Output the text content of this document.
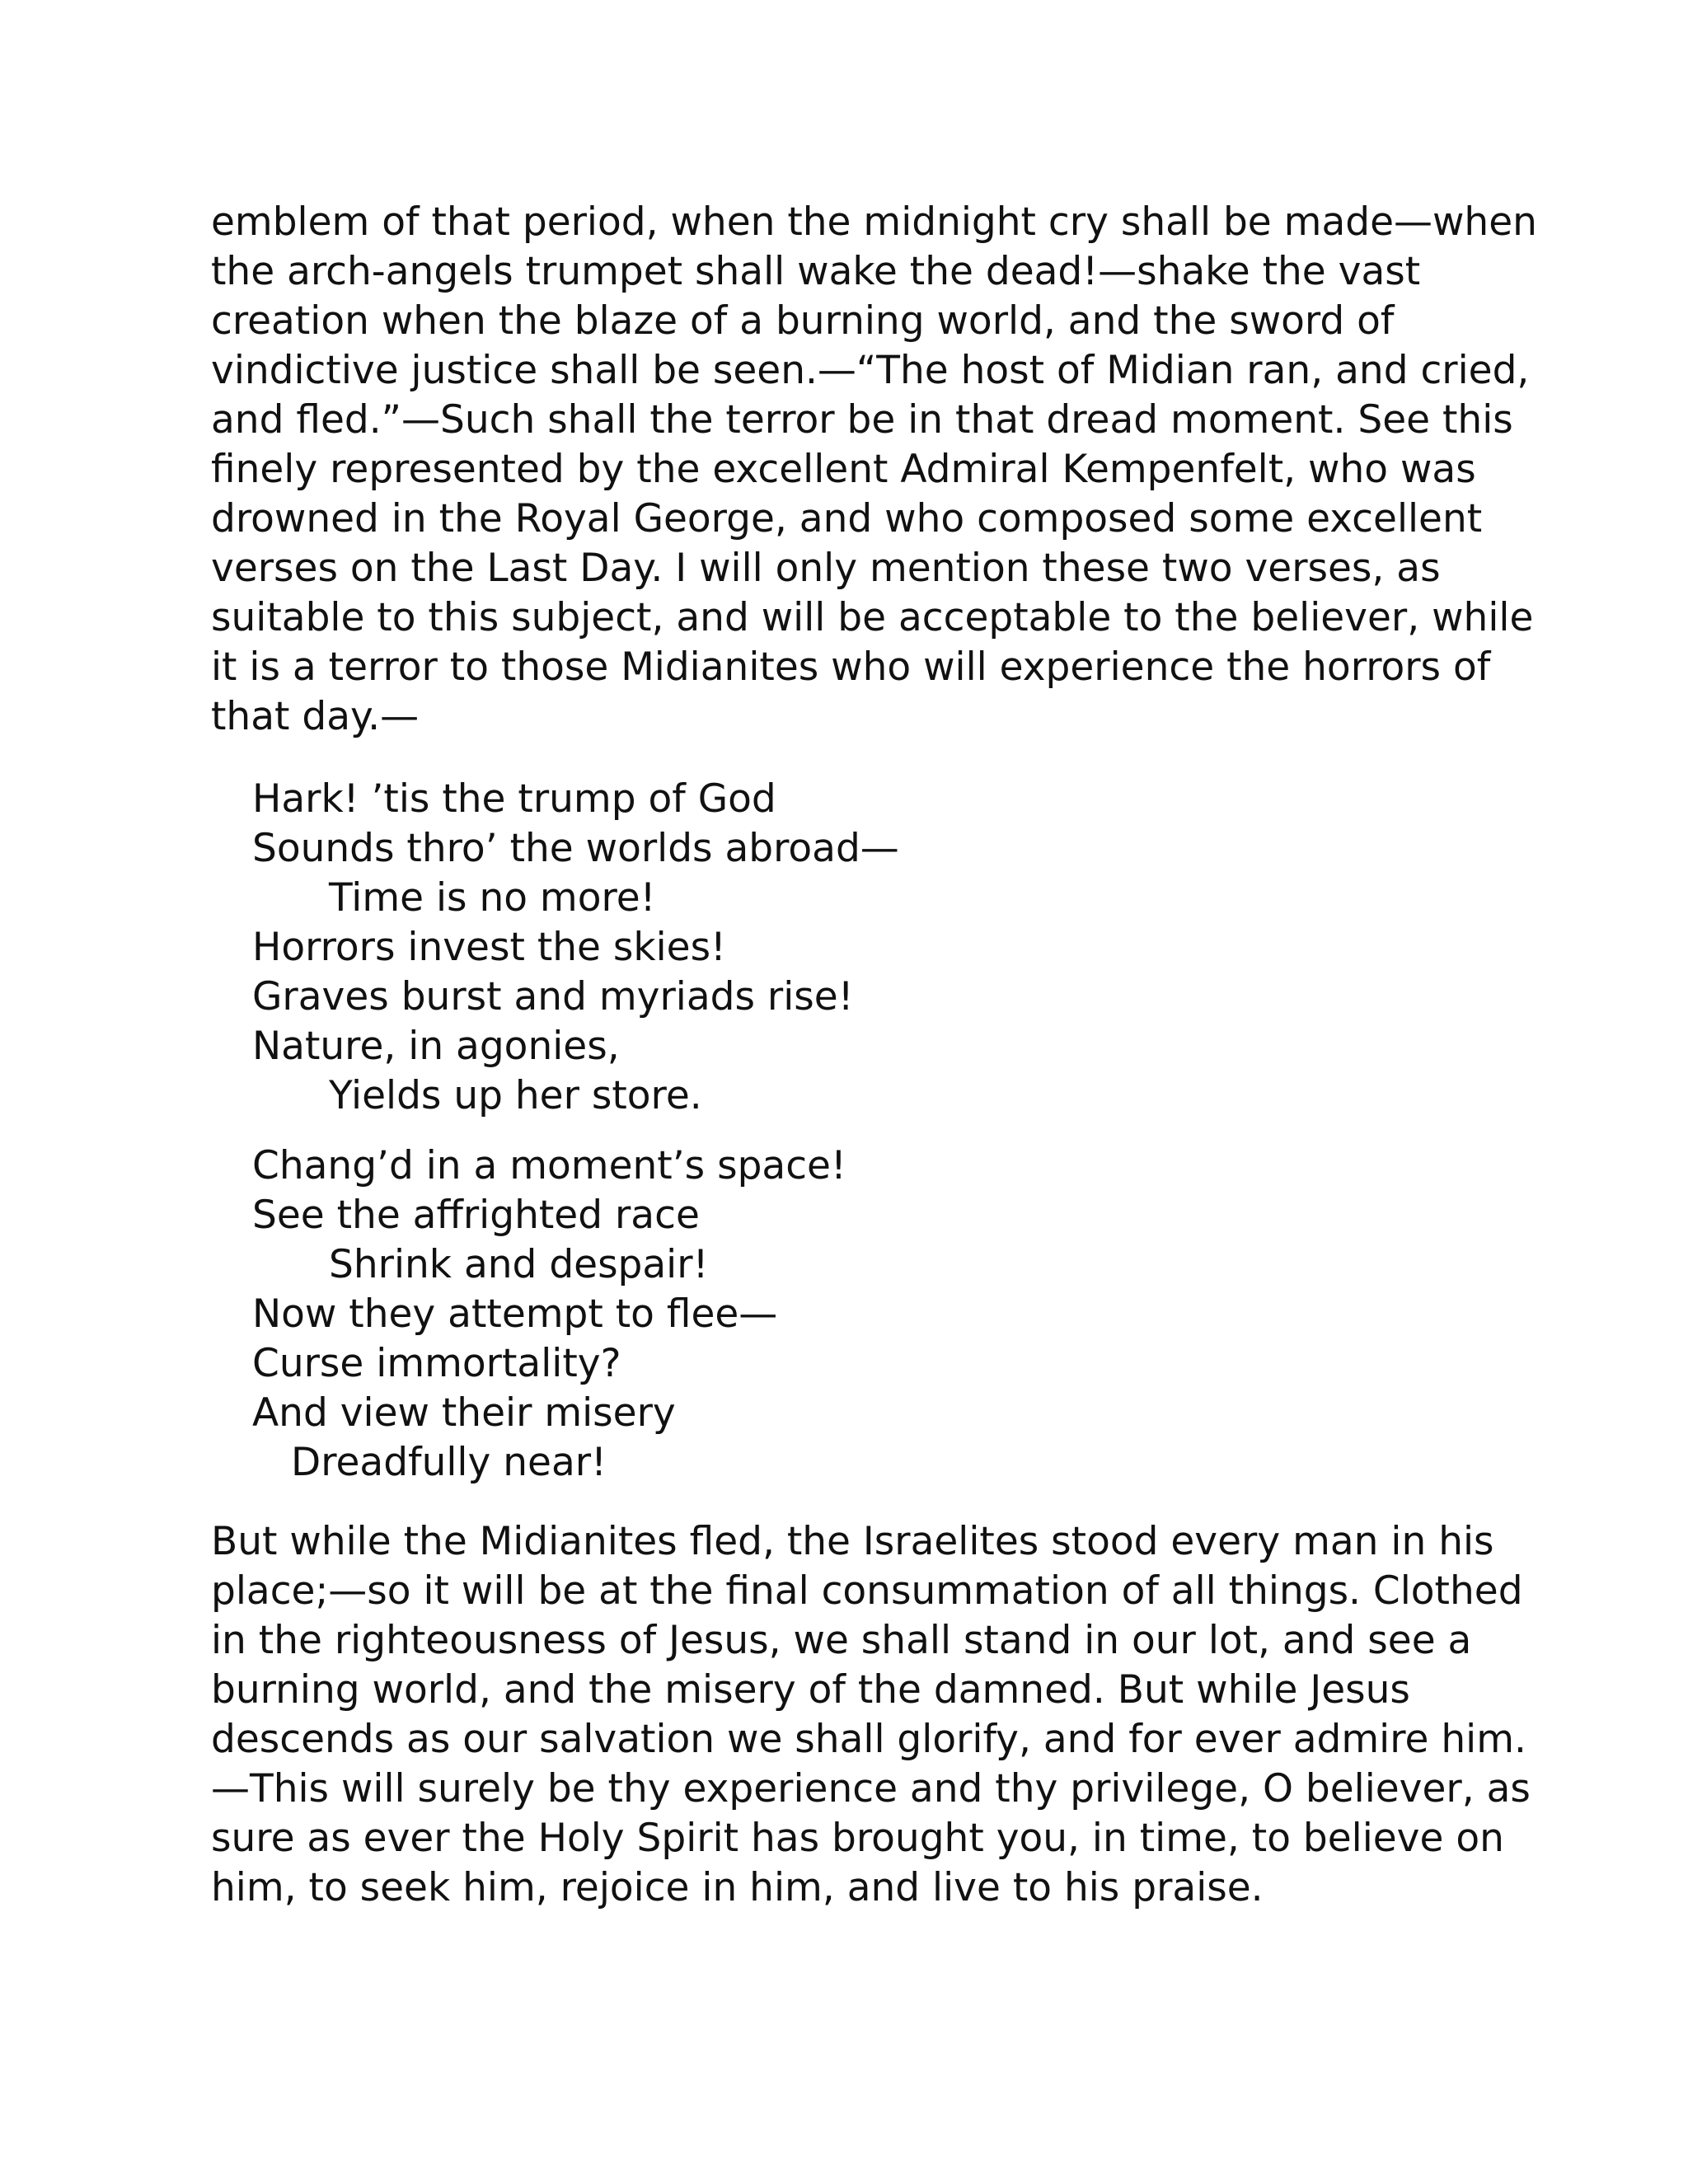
emblem of that period, when the midnight cry shall be made—when
the arch-angels trumpet shall wake the dead!—shake the vast
creation when the blaze of a burning world, and the sword of
vindictive justice shall be seen.—“The host of Midian ran, and cried,
and fled.”—Such shall the terror be in that dread moment. See this
finely represented by the excellent Admiral Kempenfelt, who was
drowned in the Royal George, and who composed some excellent
verses on the Last Day. I will only mention these two verses, as
suitable to this subject, and will be acceptable to the believer, while
it is a terror to those Midianites who will experience the horrors of
that day.—
Hark! ’tis the trump of God
Sounds thro’ the worlds abroad—
Time is no more!
Horrors invest the skies!
Graves burst and myriads rise!
Nature, in agonies,
Yields up her store.
Chang’d in a moment’s space!
See the affrighted race
Shrink and despair!
Now they attempt to flee—
Curse immortality?
And view their misery
Dreadfully near!
But while the Midianites fled, the Israelites stood every man in his
place;—so it will be at the final consummation of all things. Clothed
in the righteousness of Jesus, we shall stand in our lot, and see a
burning world, and the misery of the damned. But while Jesus
descends as our salvation we shall glorify, and for ever admire him.
—This will surely be thy experience and thy privilege, O believer, as
sure as ever the Holy Spirit has brought you, in time, to believe on
him, to seek him, rejoice in him, and live to his praise.
